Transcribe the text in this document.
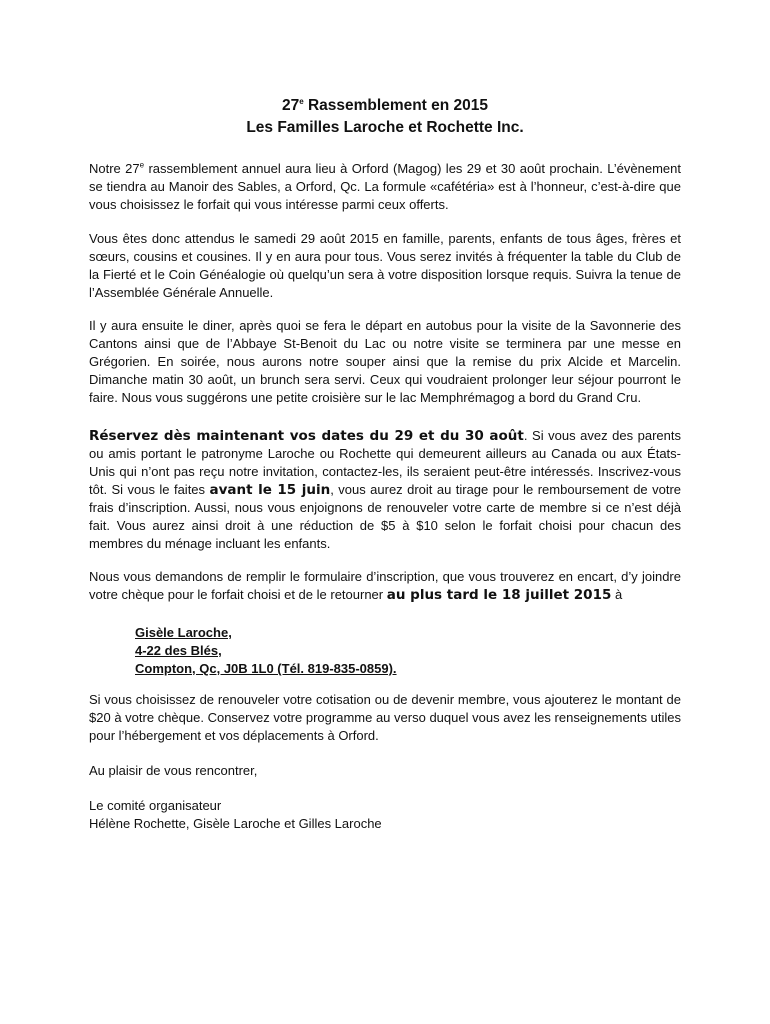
27e Rassemblement en 2015
Les Familles Laroche et Rochette Inc.

Notre 27e rassemblement annuel aura lieu à Orford (Magog) les 29 et 30 août prochain. L’évènement se tiendra au Manoir des Sables, a Orford, Qc. La formule «cafétéria» est à l’honneur, c’est-à-dire que vous choisissez le forfait qui vous intéresse parmi ceux offerts.

Vous êtes donc attendus le samedi 29 août 2015 en famille, parents, enfants de tous âges, frères et sœurs, cousins et cousines. Il y en aura pour tous. Vous serez invités à fréquenter la table du Club de la Fierté et le Coin Généalogie où quelqu’un sera à votre disposition lorsque requis. Suivra la tenue de l’Assemblée Générale Annuelle.

Il y aura ensuite le diner, après quoi se fera le départ en autobus pour la visite de la Savonnerie des Cantons ainsi que de l’Abbaye St-Benoit du Lac ou notre visite se terminera par une messe en Grégorien. En soirée, nous aurons notre souper ainsi que la remise du prix Alcide et Marcelin. Dimanche matin 30 août, un brunch sera servi. Ceux qui voudraient prolonger leur séjour pourront le faire. Nous vous suggérons une petite croisière sur le lac Memphrémagog a bord du Grand Cru.

Réservez dès maintenant vos dates du 29 et du 30 août. Si vous avez des parents ou amis portant le patronyme Laroche ou Rochette qui demeurent ailleurs au Canada ou aux États-Unis qui n’ont pas reçu notre invitation, contactez-les, ils seraient peut-être intéressés. Inscrivez-vous tôt. Si vous le faites avant le 15 juin, vous aurez droit au tirage pour le remboursement de votre frais d’inscription. Aussi, nous vous enjoignons de renouveler votre carte de membre si ce n’est déjà fait. Vous aurez ainsi droit à une réduction de $5 à $10 selon le forfait choisi pour chacun des membres du ménage incluant les enfants.

Nous vous demandons de remplir le formulaire d’inscription, que vous trouverez en encart, d’y joindre votre chèque pour le forfait choisi et de le retourner au plus tard le 18 juillet 2015 à

Gisèle Laroche,
4-22 des Blés,
Compton, Qc, J0B 1L0 (Tél. 819-835-0859).

Si vous choisissez de renouveler votre cotisation ou de devenir membre, vous ajouterez le montant de $20 à votre chèque. Conservez votre programme au verso duquel vous avez les renseignements utiles pour l’hébergement et vos déplacements à Orford.

Au plaisir de vous rencontrer,

Le comité organisateur
Hélène Rochette, Gisèle Laroche et Gilles Laroche
